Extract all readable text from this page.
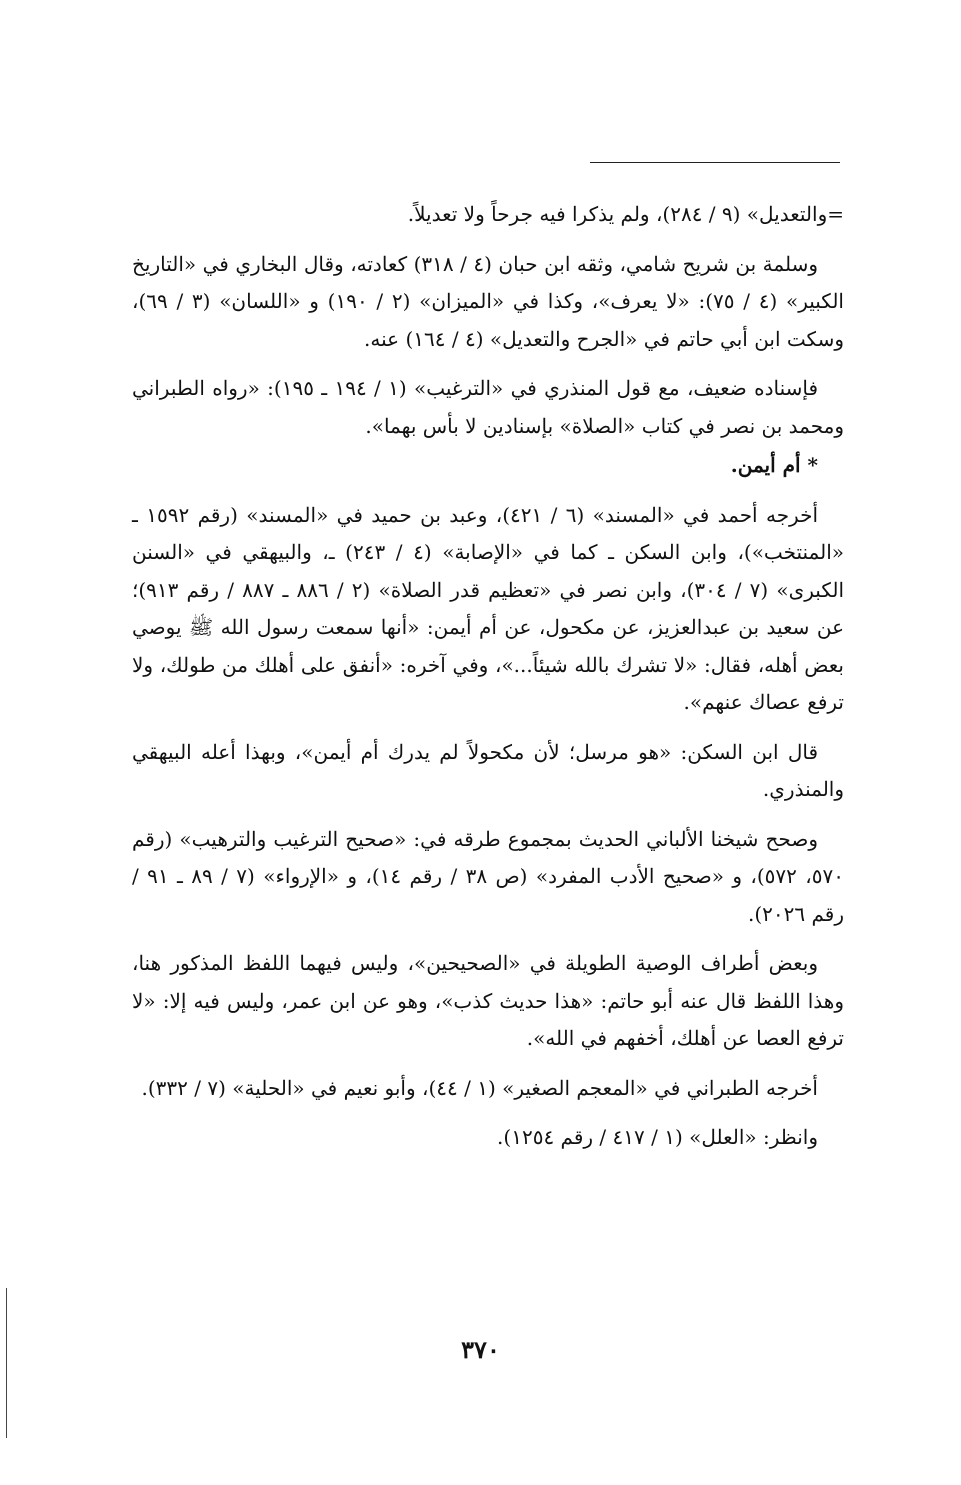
=والتعديل» (٩ / ٢٨٤)، ولم يذكرا فيه جرحاً ولا تعديلاً.

وسلمة بن شريح شامي، وثقه ابن حبان (٤ / ٣١٨) كعادته، وقال البخاري في «التاريخ الكبير» (٤ / ٧٥): «لا يعرف»، وكذا في «الميزان» (٢ / ١٩٠) و «اللسان» (٣ / ٦٩)، وسكت ابن أبي حاتم في «الجرح والتعديل» (٤ / ١٦٤) عنه.

فإسناده ضعيف، مع قول المنذري في «الترغيب» (١ / ١٩٤ ـ ١٩٥): «رواه الطبراني ومحمد بن نصر في كتاب «الصلاة» بإسنادين لا بأس بهما».

* أم أيمن.

أخرجه أحمد في «المسند» (٦ / ٤٢١)، وعبد بن حميد في «المسند» (رقم ١٥٩٢ ـ «المنتخب»)، وابن السكن ـ كما في «الإصابة» (٤ / ٢٤٣) ـ، والبيهقي في «السنن الكبرى» (٧ / ٣٠٤)، وابن نصر في «تعظيم قدر الصلاة» (٢ / ٨٨٦ ـ ٨٨٧ / رقم ٩١٣)؛ عن سعيد بن عبدالعزيز، عن مكحول، عن أم أيمن: «أنها سمعت رسول الله ﷺ يوصي بعض أهله، فقال: «لا تشرك بالله شيئاً...»، وفي آخره: «أنفق على أهلك من طولك، ولا ترفع عصاك عنهم».

قال ابن السكن: «هو مرسل؛ لأن مكحولاً لم يدرك أم أيمن»، وبهذا أعله البيهقي والمنذري.

وصحح شيخنا الألباني الحديث بمجموع طرقه في: «صحيح الترغيب والترهيب» (رقم ٥٧٠، ٥٧٢)، و «صحيح الأدب المفرد» (ص ٣٨ / رقم ١٤)، و «الإرواء» (٧ / ٨٩ ـ ٩١ / رقم ٢٠٢٦).

وبعض أطراف الوصية الطويلة في «الصحيحين»، وليس فيهما اللفظ المذكور هنا، وهذا اللفظ قال عنه أبو حاتم: «هذا حديث كذب»، وهو عن ابن عمر، وليس فيه إلا: «لا ترفع العصا عن أهلك، أخفهم في الله».

أخرجه الطبراني في «المعجم الصغير» (١ / ٤٤)، وأبو نعيم في «الحلية» (٧ / ٣٣٢).

وانظر: «العلل» (١ / ٤١٧ / رقم ١٢٥٤).

٣٧٠
